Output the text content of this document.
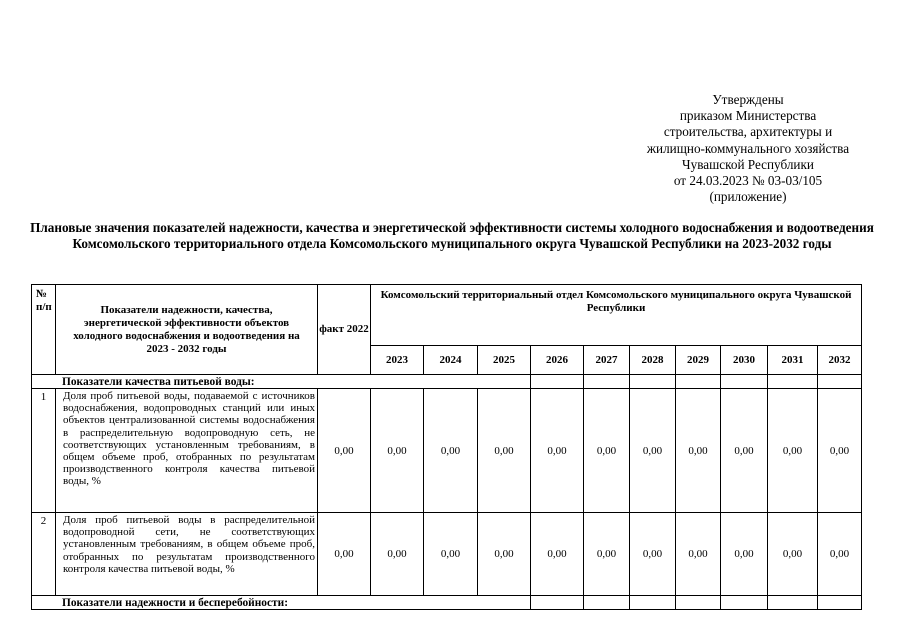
Утверждены
приказом Министерства
строительства, архитектуры и
жилищно-коммунального хозяйства
Чувашской Республики
от 24.03.2023 № 03-03/105
(приложение)
Плановые значения показателей надежности, качества и энергетической эффективности системы холодного водоснабжения и водоотведения Комсомольского территориального отдела Комсомольского муниципального округа Чувашской Республики на 2023-2032 годы
№ п/п	Показатели надежности, качества, энергетической эффективности объектов холодного водоснабжения и водоотведения на 2023 - 2032 годы	факт 2022	Комсомольский территориальный отдел Комсомольского муниципального округа Чувашской Республики									
			2023	2024	2025	2026	2027	2028	2029	2030	2031	2032
Показатели качества питьевой воды:												
1	Доля проб питьевой воды, подаваемой с источников водоснабжения, водопроводных станций или иных объектов централизованной системы водоснабжения в распределительную водопроводную сеть, не соответствующих установленным требованиям, в общем объеме проб, отобранных по результатам производственного контроля качества питьевой воды, %	0,00	0,00	0,00	0,00	0,00	0,00	0,00	0,00	0,00	0,00	0,00
2	Доля проб питьевой воды в распределительной водопроводной сети, не соответствующих установленным требованиям, в общем объеме проб, отобранных по результатам производственного контроля качества питьевой воды, %	0,00	0,00	0,00	0,00	0,00	0,00	0,00	0,00	0,00	0,00	0,00
Показатели надежности и бесперебойности:												
